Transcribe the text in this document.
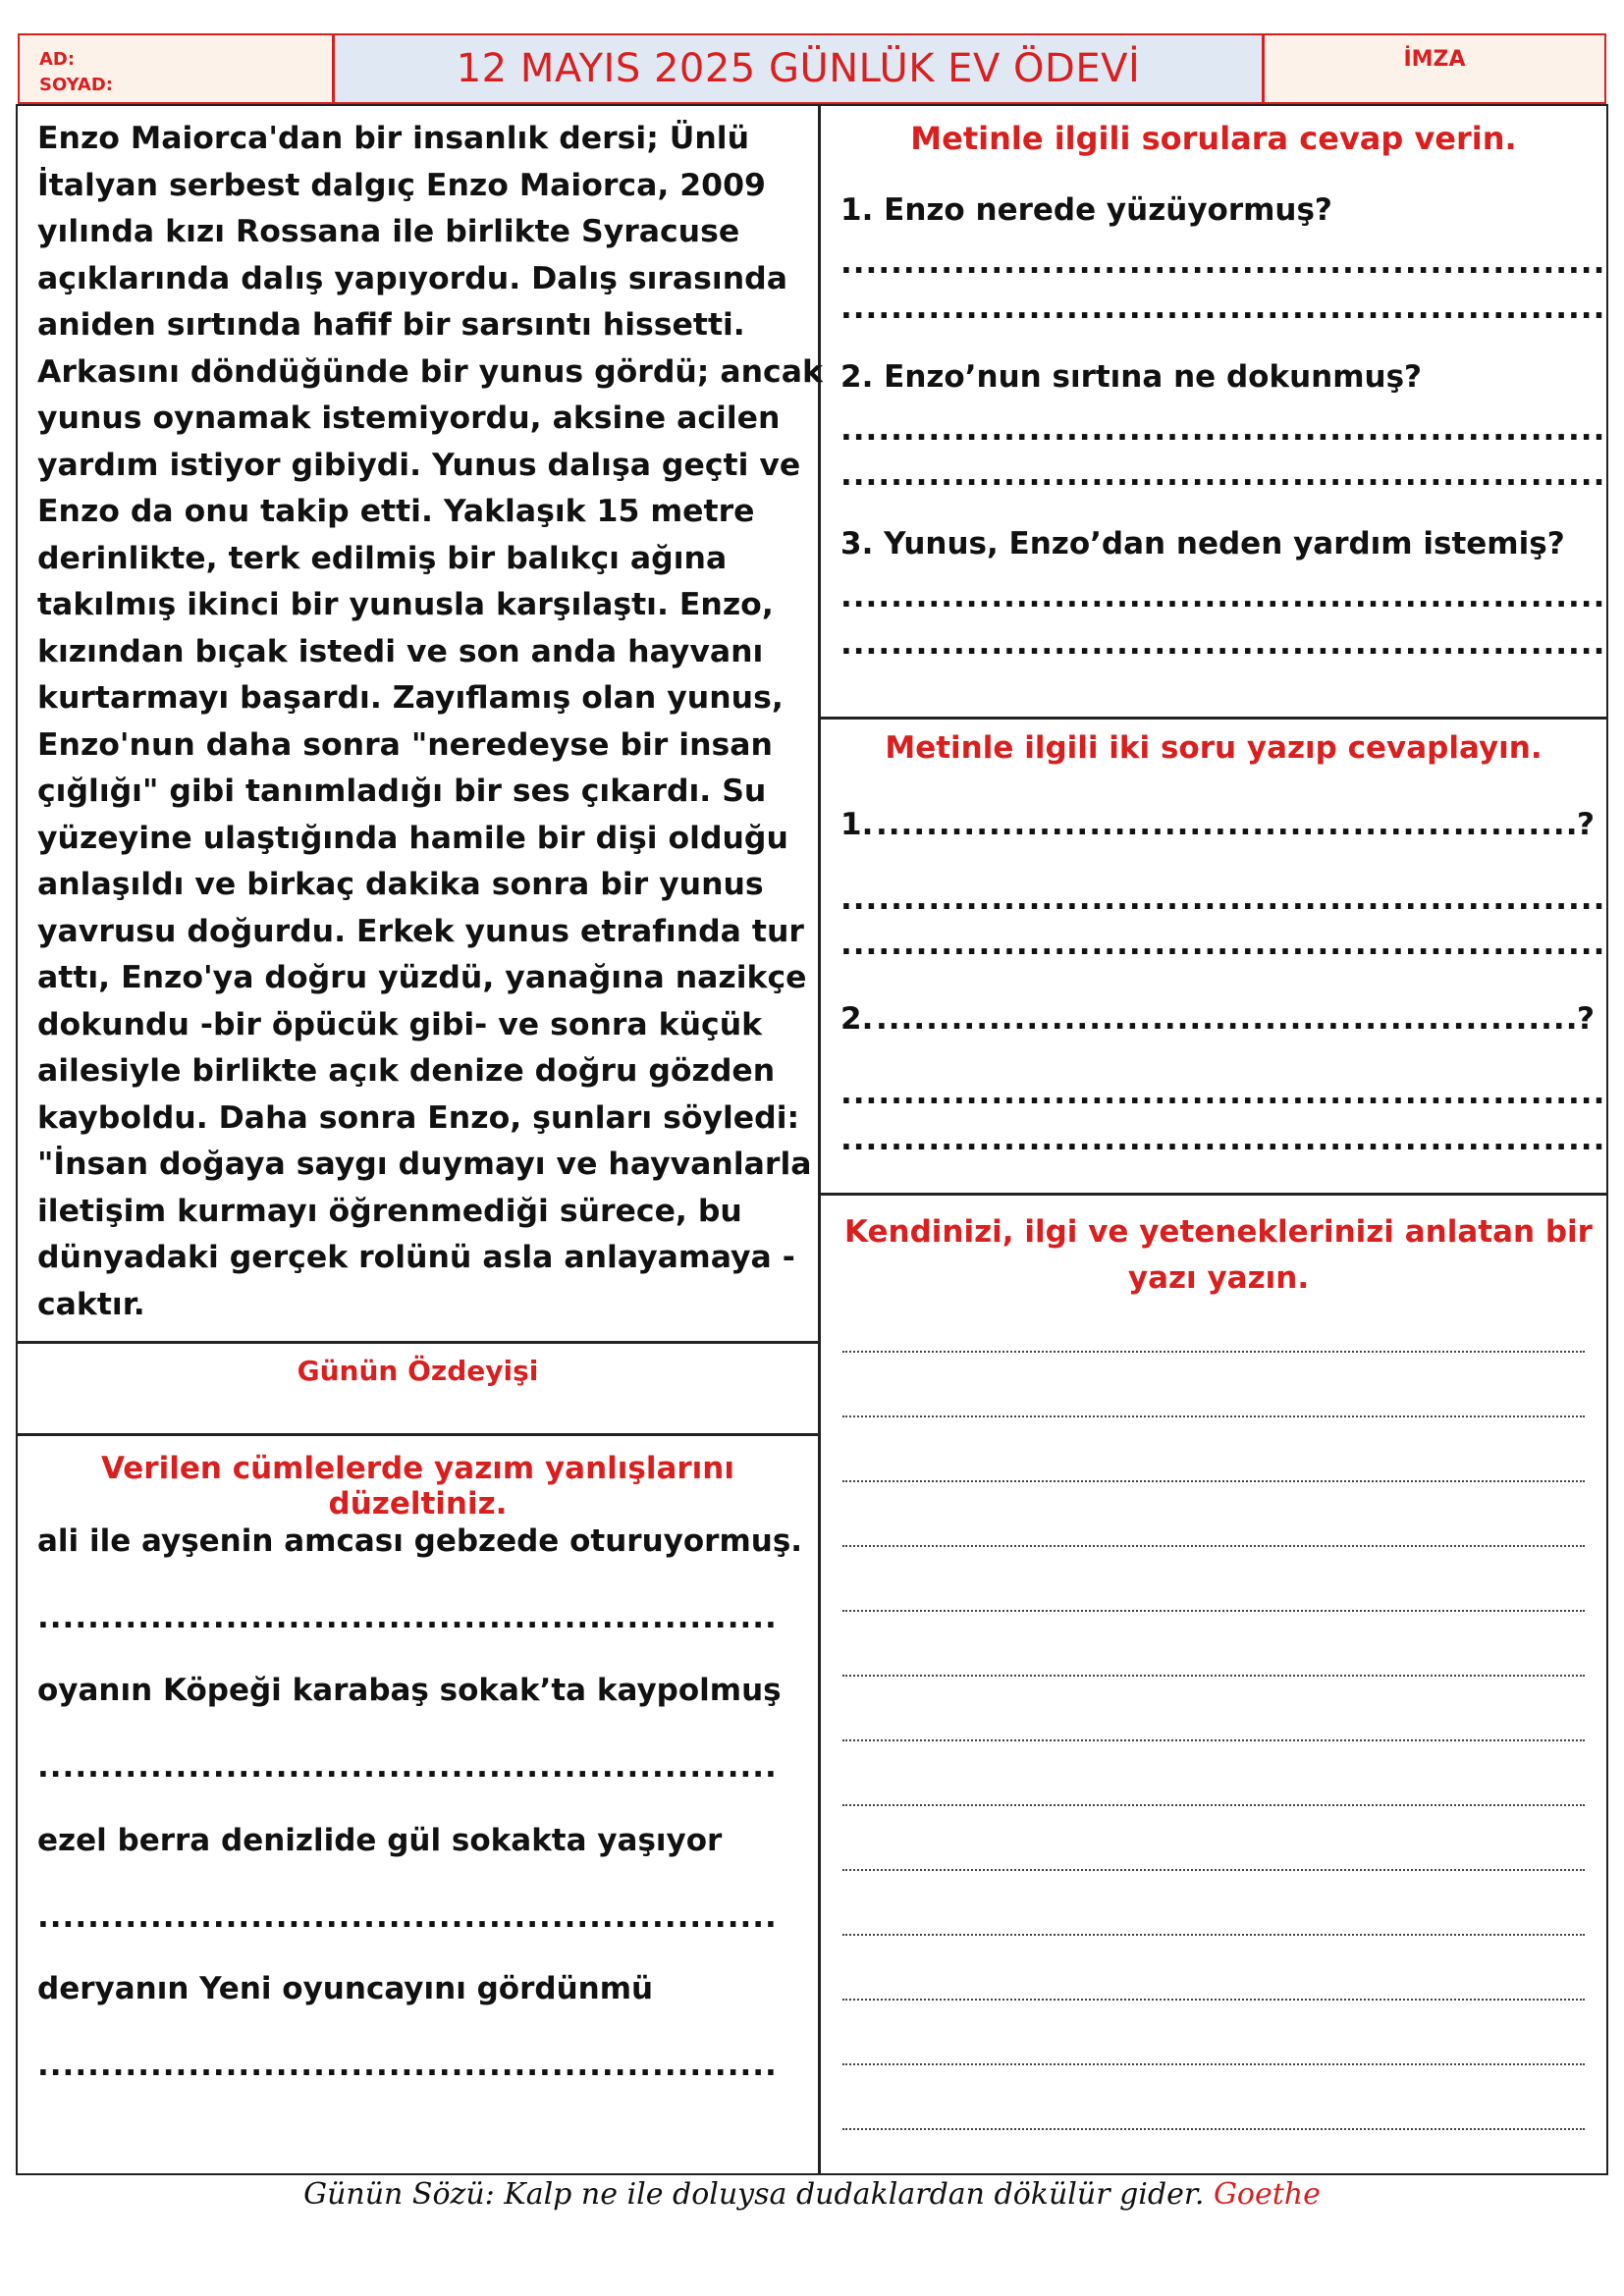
AD:
SOYAD:	12 MAYIS 2025 GÜNLÜK EV ÖDEVİ	İMZA
Enzo Maiorca'dan bir insanlık dersi; Ünlü İtalyan serbest dalgıç Enzo Maiorca, 2009 yılında kızı Rossana ile birlikte Syracuse açıklarında dalış yapıyordu. Dalış sırasında aniden sırtında hafif bir sarsıntı hissetti. Arkasını döndüğünde bir yunus gördü; ancak yunus oynamak istemiyordu, aksine acilen yardım istiyor gibiydi. Yunus dalışa geçti ve Enzo da onu takip etti. Yaklaşık 15 metre derinlikte, terk edilmiş bir balıkçı ağına takılmış ikinci bir yunusla karşılaştı. Enzo, kızından bıçak istedi ve son anda hayvanı kurtarmayı başardı. Zayıflamış olan yunus, Enzo'nun daha sonra "neredeyse bir insan çığlığı" gibi tanımladığı bir ses çıkardı. Su yüzeyine ulaştığında hamile bir dişi olduğu anlaşıldı ve birkaç dakika sonra bir yunus yavrusu doğurdu. Erkek yunus etrafında tur attı, Enzo'ya doğru yüzdü, yanağına nazikçe dokundu -bir öpücük gibi- ve sonra küçük ailesiyle birlikte açık denize doğru gözden kayboldu. Daha sonra Enzo, şunları söyledi: "İnsan doğaya saygı duymayı ve hayvanlarla iletişim kurmayı öğrenmediği sürece, bu dünyadaki gerçek rolünü asla anlayamaya - caktır.
Günün Özdeyişi
Verilen cümlelerde yazım yanlışlarını düzeltiniz.
ali ile ayşenin amcası gebzede oturuyormuş.
.....
oyanın Köpeği karabaş sokak’ta kaypolmuş
.....
ezel berra denizlide gül sokakta yaşıyor
.....
deryanın Yeni oyuncayını gördünmü
.....
Metinle ilgili sorulara cevap verin.
1. Enzo nerede yüzüyormuş?
.....
.....
2. Enzo’nun sırtına ne dokunmuş?
.....
.....
3. Yunus, Enzo’dan neden yardım istemiş?
.....
.....
Metinle ilgili iki soru yazıp cevaplayın.
1. .....	?
.....
.....
2. .....	?
.....
.....
Kendinizi, ilgi ve yeteneklerinizi anlatan bir yazı yazın.
Günün Sözü: Kalp ne ile doluysa dudaklardan dökülür gider. Goethe
